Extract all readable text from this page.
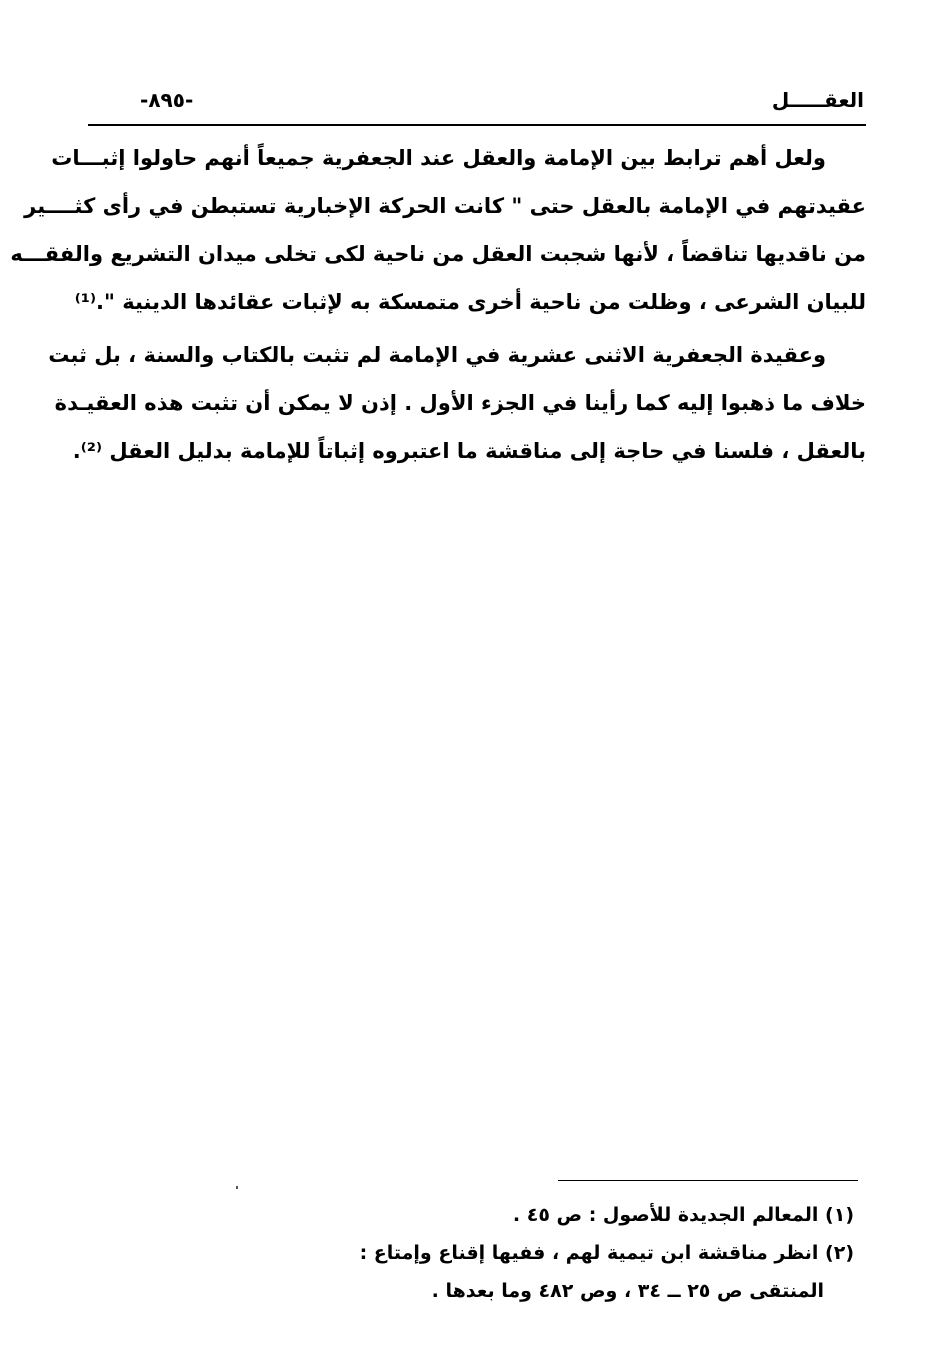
العقـــــل
-٨٩٥-
ولعل أهم ترابط بين الإمامة والعقل عند الجعفرية جميعاً أنهم حاولوا إثبـــات
عقيدتهم في الإمامة بالعقل حتى " كانت الحركة الإخبارية تستبطن في رأى كثــــير
من ناقديها تناقضاً ، لأنها شجبت العقل من ناحية لكى تخلى ميدان التشريع والفقـــه
للبيان الشرعى ، وظلت من ناحية أخرى متمسكة به لإثبات عقائدها الدينية ".⁽¹⁾
وعقيدة الجعفرية الاثنى عشرية في الإمامة لم تثبت بالكتاب والسنة ، بل ثبت
خلاف ما ذهبوا إليه كما رأينا في الجزء الأول . إذن لا يمكن أن تثبت هذه العقيـدة
بالعقل ، فلسنا في حاجة إلى مناقشة ما اعتبروه إثباتاً للإمامة بدليل العقل ⁽²⁾.
(١) المعالم الجديدة للأصول : ص ٤٥ .
(٢) انظر مناقشة ابن تيمية لهم ، ففيها إقناع وإمتاع :
المنتقى ص ٢٥ ــ ٣٤ ، وص ٤٨٢ وما بعدها .
